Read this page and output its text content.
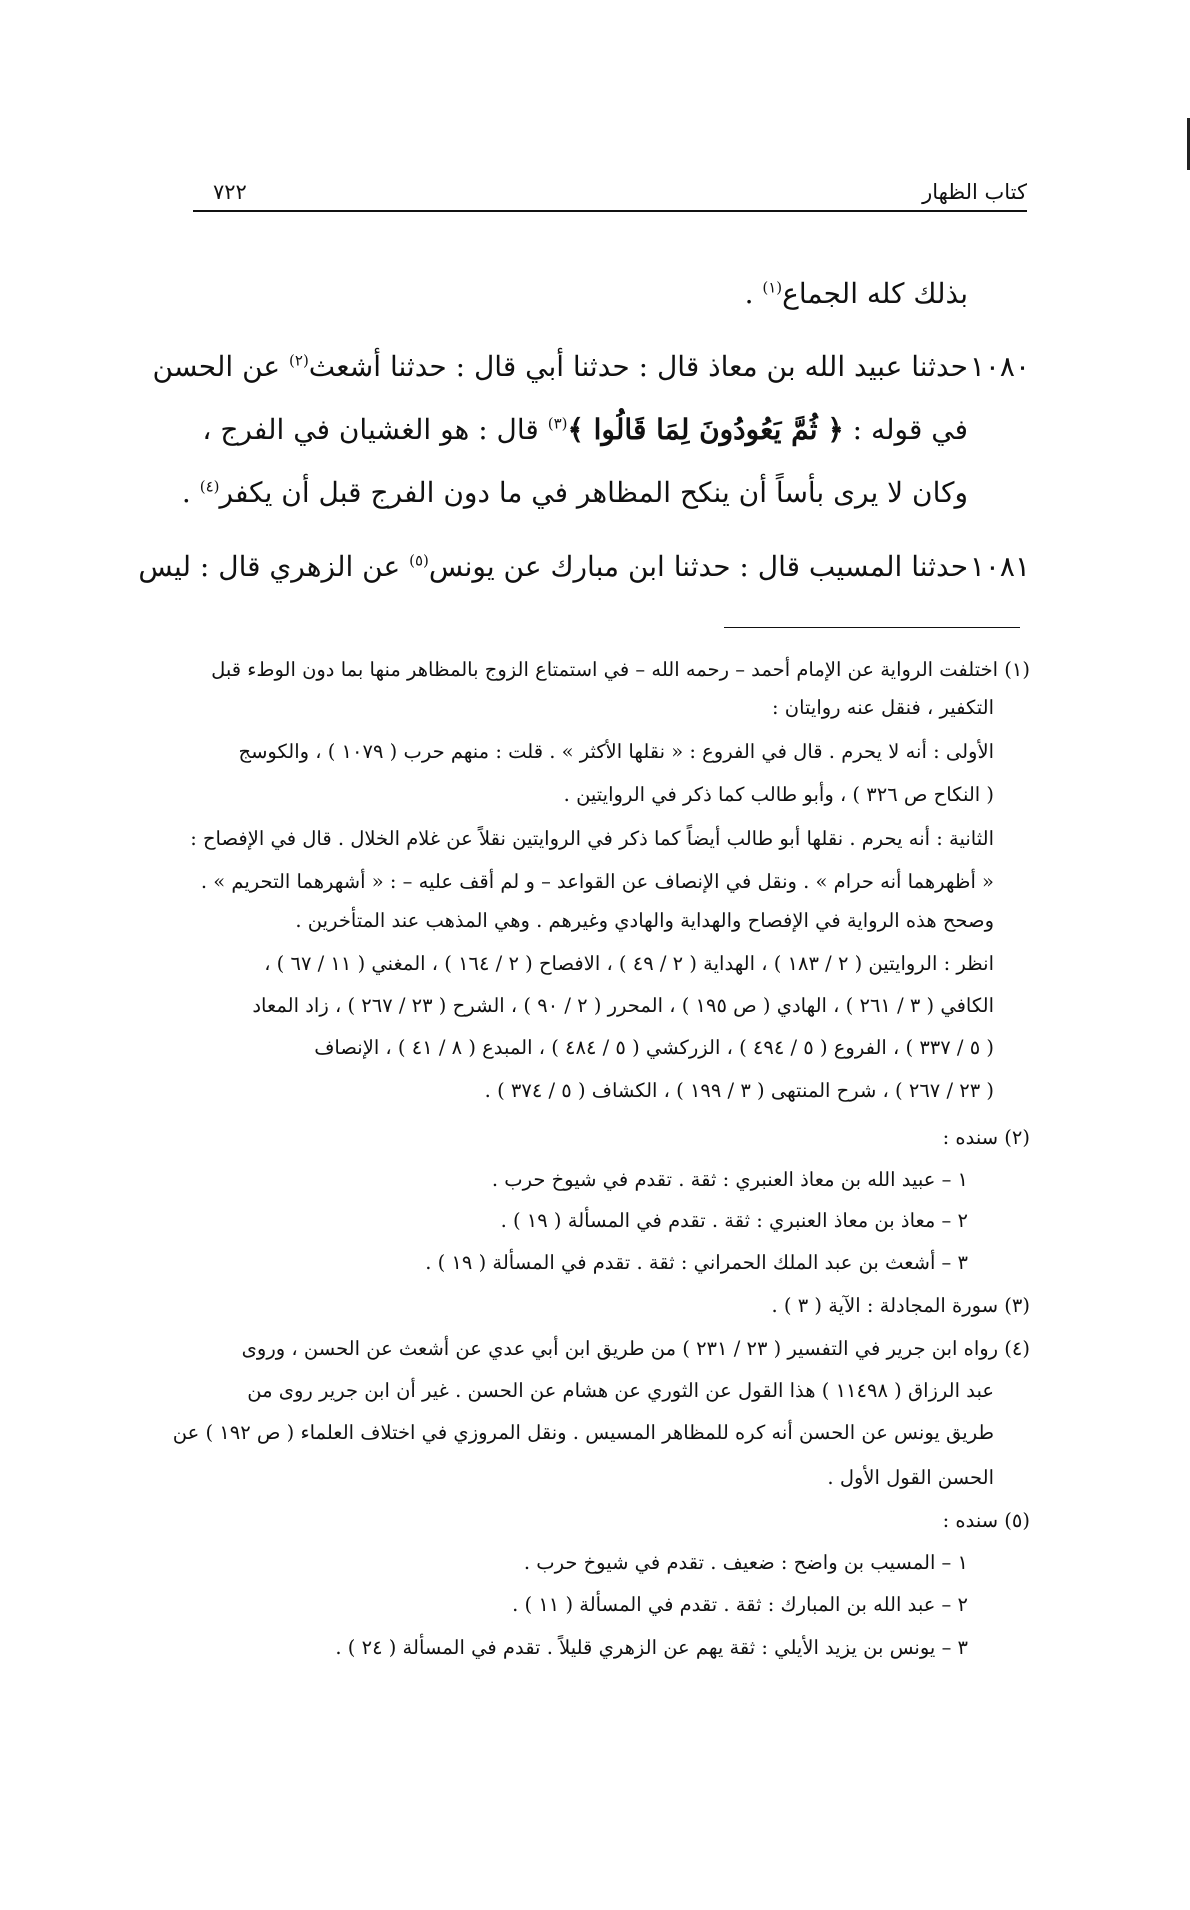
كتاب الظهار
٧٢٢
بذلك كله الجماع$^{(١)}$ .
١٠٨٠حدثنا عبيد الله بن معاذ قال : حدثنا أبي قال : حدثنا أشعث$^{(٢)}$ عن الحسن
في قوله : ﴿ ثُمَّ يَعُودُونَ لِمَا قَالُوا ﴾$^{(٣)}$ قال : هو الغشيان في الفرج ،
وكان لا يرى بأساً أن ينكح المظاهر في ما دون الفرج قبل أن يكفر$^{(٤)}$ .
١٠٨١حدثنا المسيب قال : حدثنا ابن مبارك عن يونس$^{(٥)}$ عن الزهري قال : ليس
(١) اختلفت الرواية عن الإمام أحمد – رحمه الله – في استمتاع الزوج بالمظاهر منها بما دون الوطء قبل
التكفير ، فنقل عنه روايتان :
الأولى : أنه لا يحرم . قال في الفروع : « نقلها الأكثر » . قلت : منهم حرب ( ١٠٧٩ ) ، والكوسج
( النكاح ص ٣٢٦ ) ، وأبو طالب كما ذكر في الروايتين .
الثانية : أنه يحرم . نقلها أبو طالب أيضاً كما ذكر في الروايتين نقلاً عن غلام الخلال . قال في الإفصاح :
« أظهرهما أنه حرام » . ونقل في الإنصاف عن القواعد – و لم أقف عليه – : « أشهرهما التحريم » .
وصحح هذه الرواية في الإفصاح والهداية والهادي وغيرهم . وهي المذهب عند المتأخرين .
انظر : الروايتين ( ٢ / ١٨٣ ) ، الهداية ( ٢ / ٤٩ ) ، الافصاح ( ٢ / ١٦٤ ) ، المغني ( ١١ / ٦٧ ) ،
الكافي ( ٣ / ٢٦١ ) ، الهادي ( ص ١٩٥ ) ، المحرر ( ٢ / ٩٠ ) ، الشرح ( ٢٣ / ٢٦٧ ) ، زاد المعاد
( ٥ / ٣٣٧ ) ، الفروع ( ٥ / ٤٩٤ ) ، الزركشي ( ٥ / ٤٨٤ ) ، المبدع ( ٨ / ٤١ ) ، الإنصاف
( ٢٣ / ٢٦٧ ) ، شرح المنتهى ( ٣ / ١٩٩ ) ، الكشاف ( ٥ / ٣٧٤ ) .
(٢) سنده :
١ – عبيد الله بن معاذ العنبري : ثقة . تقدم في شيوخ حرب .
٢ – معاذ بن معاذ العنبري : ثقة . تقدم في المسألة ( ١٩ ) .
٣ – أشعث بن عبد الملك الحمراني : ثقة . تقدم في المسألة ( ١٩ ) .
(٣) سورة المجادلة : الآية ( ٣ ) .
(٤) رواه ابن جرير في التفسير ( ٢٣ / ٢٣١ ) من طريق ابن أبي عدي عن أشعث عن الحسن ، وروى
عبد الرزاق ( ١١٤٩٨ ) هذا القول عن الثوري عن هشام عن الحسن . غير أن ابن جرير روى من
طريق يونس عن الحسن أنه كره للمظاهر المسيس . ونقل المروزي في اختلاف العلماء ( ص ١٩٢ ) عن
الحسن القول الأول .
(٥) سنده :
١ – المسيب بن واضح : ضعيف . تقدم في شيوخ حرب .
٢ – عبد الله بن المبارك : ثقة . تقدم في المسألة ( ١١ ) .
٣ – يونس بن يزيد الأيلي : ثقة يهم عن الزهري قليلاً . تقدم في المسألة ( ٢٤ ) .
